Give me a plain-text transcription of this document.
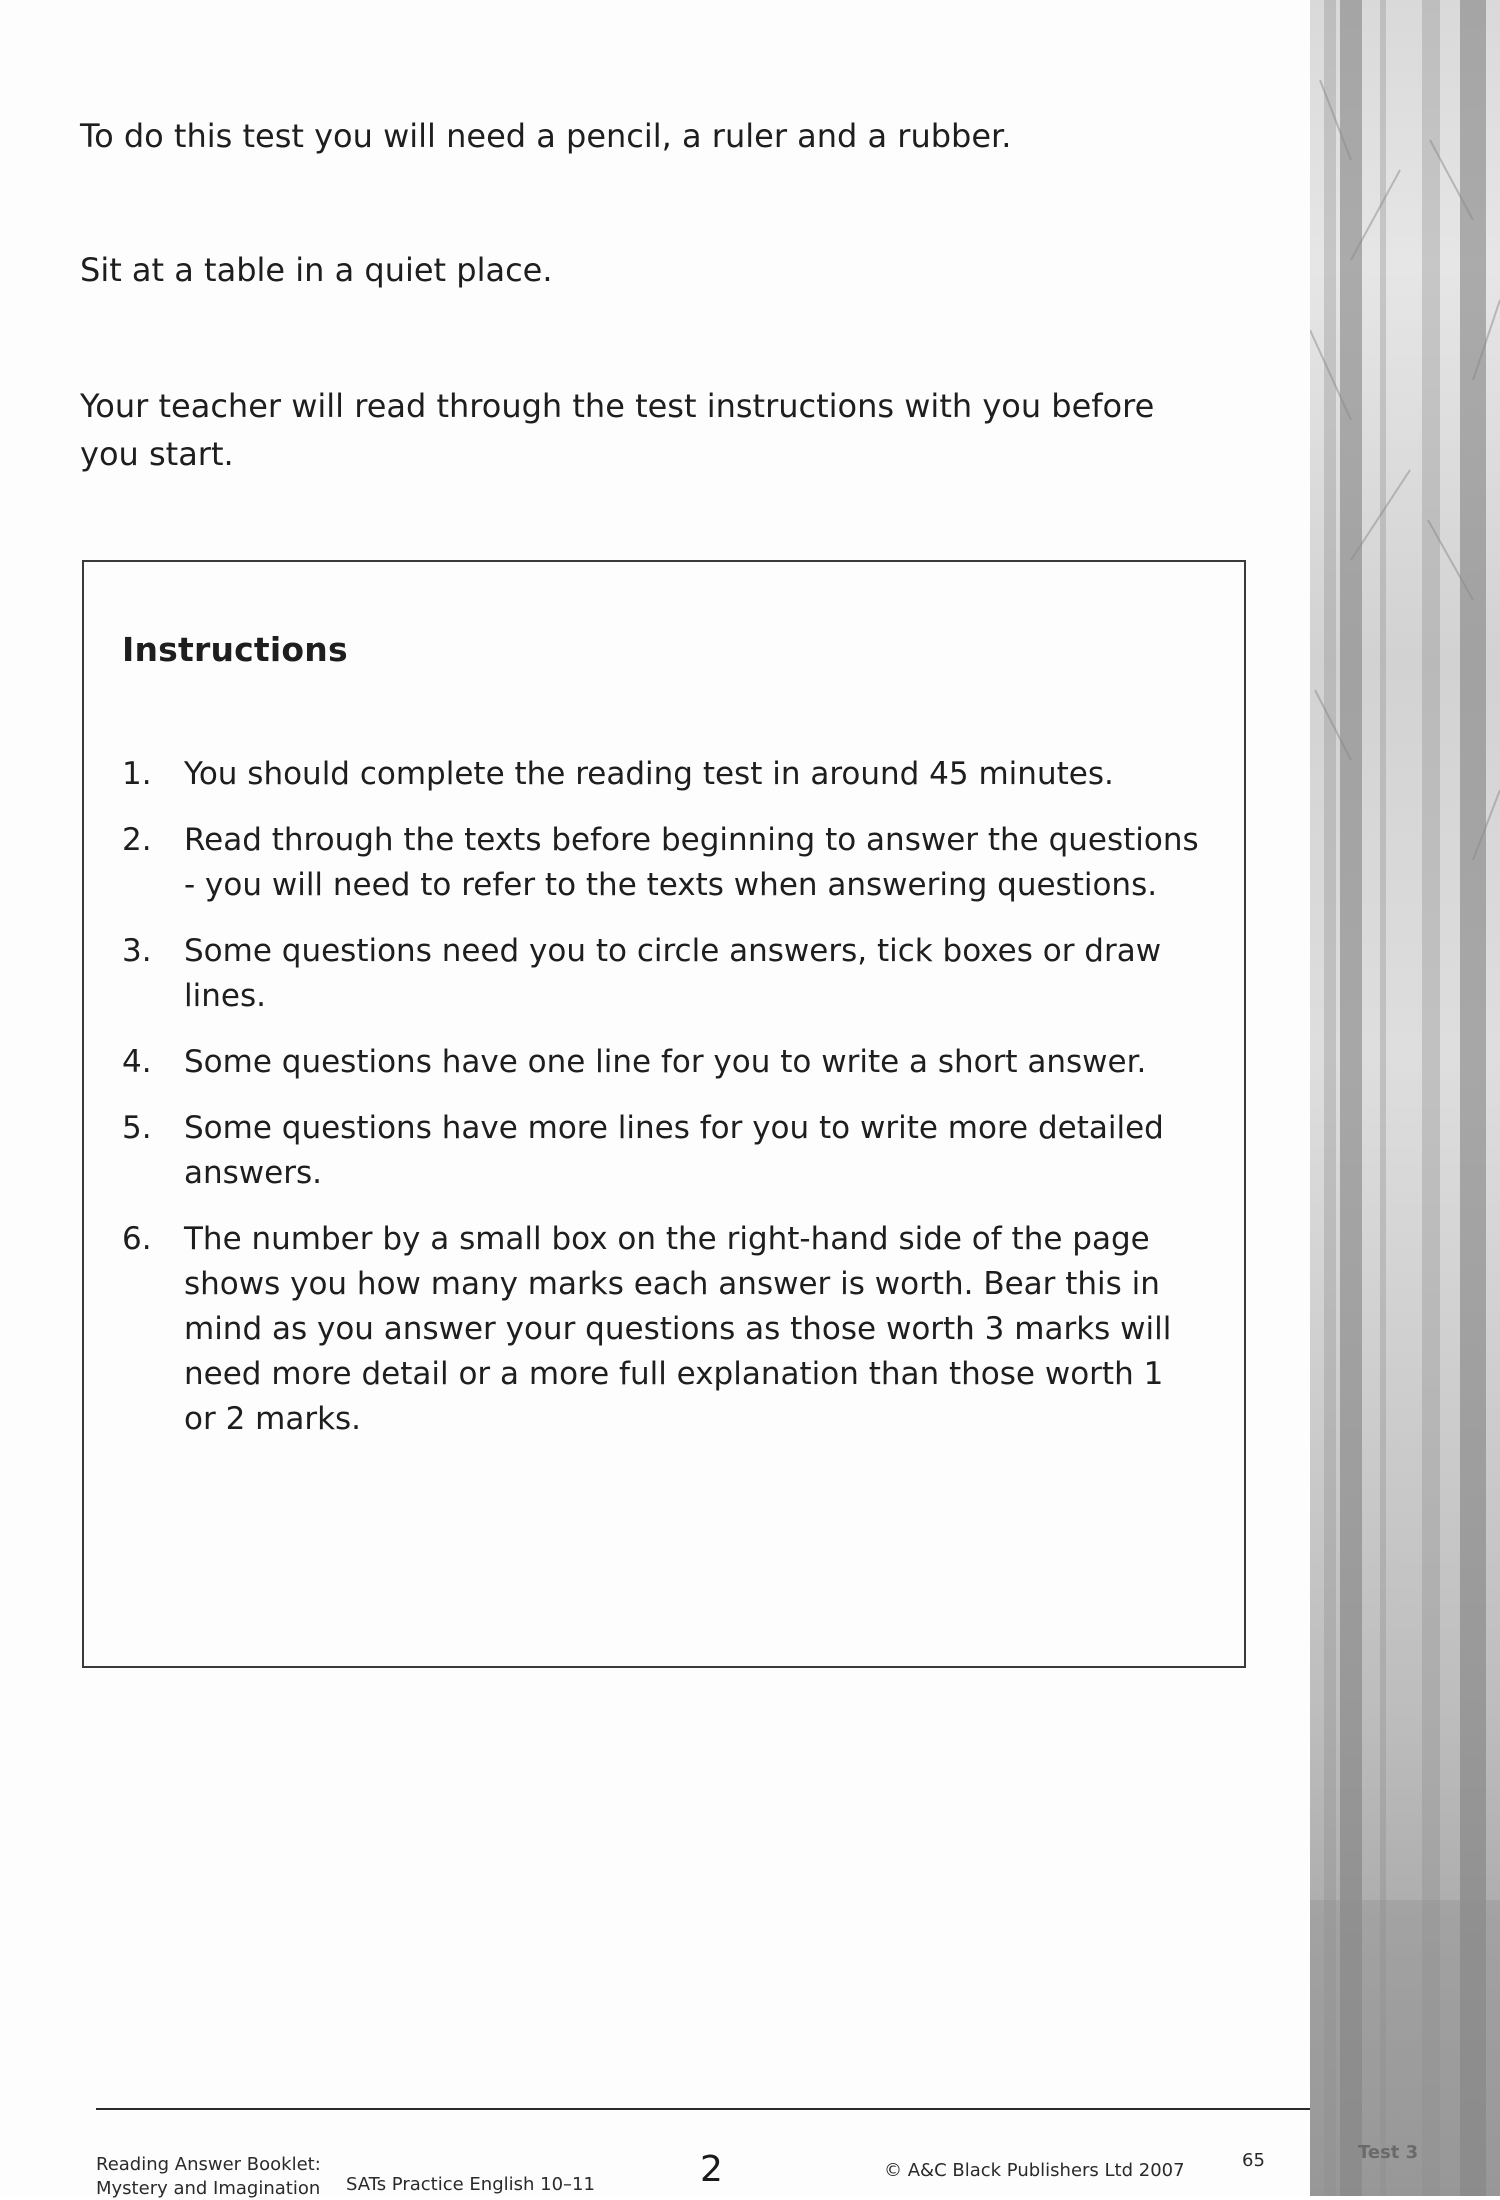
To do this test you will need a pencil, a ruler and a rubber.

Sit at a table in a quiet place.

Your teacher will read through the test instructions with you before you start.

Instructions
1.	You should complete the reading test in around 45 minutes.
2.	Read through the texts before beginning to answer the questions - you will need to refer to the texts when answering questions.
3.	Some questions need you to circle answers, tick boxes or draw lines.
4.	Some questions have one line for you to write a short answer.
5.	Some questions have more lines for you to write more detailed answers.
6.	The number by a small box on the right-hand side of the page shows you how many marks each answer is worth. Bear this in mind as you answer your questions as those worth 3 marks will need more detail or a more full explanation than those worth 1 or 2 marks.
Reading Answer Booklet:
Mystery and Imagination SATs Practice English 10–11	2	© A&C Black Publishers Ltd 2007	65	Test 3
